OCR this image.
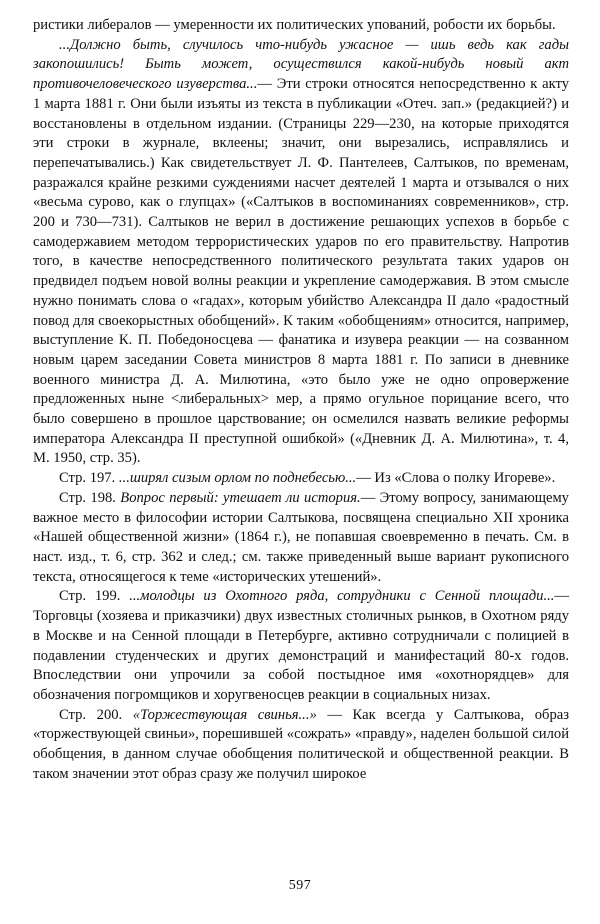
ристики либералов — умеренности их политических упований, робости их борьбы.

...Должно быть, случилось что-нибудь ужасное — ишь ведь как гады закопошились! Быть может, осуществился какой-нибудь новый акт противочеловеческого изуверства...— Эти строки относятся непосредственно к акту 1 марта 1881 г. Они были изъяты из текста в публикации «Отеч. зап.» (редакцией?) и восстановлены в отдельном издании. (Страницы 229—230, на которые приходятся эти строки в журнале, вклеены; значит, они вырезались, исправлялись и перепечатывались.) Как свидетельствует Л. Ф. Пантелеев, Салтыков, по временам, разражался крайне резкими суждениями насчет деятелей 1 марта и отзывался о них «весьма сурово, как о глупцах» («Салтыков в воспоминаниях современников», стр. 200 и 730—731). Салтыков не верил в достижение решающих успехов в борьбе с самодержавием методом террористических ударов по его правительству. Напротив того, в качестве непосредственного политического результата таких ударов он предвидел подъем новой волны реакции и укрепление самодержавия. В этом смысле нужно понимать слова о «гадах», которым убийство Александра II дало «радостный повод для своекорыстных обобщений». К таким «обобщениям» относится, например, выступление К. П. Победоносцева — фанатика и изувера реакции — на созванном новым царем заседании Совета министров 8 марта 1881 г. По записи в дневнике военного министра Д. А. Милютина, «это было уже не одно опровержение предложенных ныне <либеральных> мер, а прямо огульное порицание всего, что было совершено в прошлое царствование; он осмелился назвать великие реформы императора Александра II преступной ошибкой» («Дневник Д. А. Милютина», т. 4, М. 1950, стр. 35).

Стр. 197. ...ширял сизым орлом по поднебесью...— Из «Слова о полку Игореве».

Стр. 198. Вопрос первый: утешает ли история.— Этому вопросу, занимающему важное место в философии истории Салтыкова, посвящена специально XII хроника «Нашей общественной жизни» (1864 г.), не попавшая своевременно в печать. См. в наст. изд., т. 6, стр. 362 и след.; см. также приведенный выше вариант рукописного текста, относящегося к теме «исторических утешений».

Стр. 199. ...молодцы из Охотного ряда, сотрудники с Сенной площади...— Торговцы (хозяева и приказчики) двух известных столичных рынков, в Охотном ряду в Москве и на Сенной площади в Петербурге, активно сотрудничали с полицией в подавлении студенческих и других демонстраций и манифестаций 80-х годов. Впоследствии они упрочили за собой постыдное имя «охотнорядцев» для обозначения погромщиков и хоругвеносцев реакции в социальных низах.

Стр. 200. «Торжествующая свинья...» — Как всегда у Салтыкова, образ «торжествующей свиньи», порешившей «сожрать» «правду», наделен большой силой обобщения, в данном случае обобщения политической и общественной реакции. В таком значении этот образ сразу же получил широкое

597
